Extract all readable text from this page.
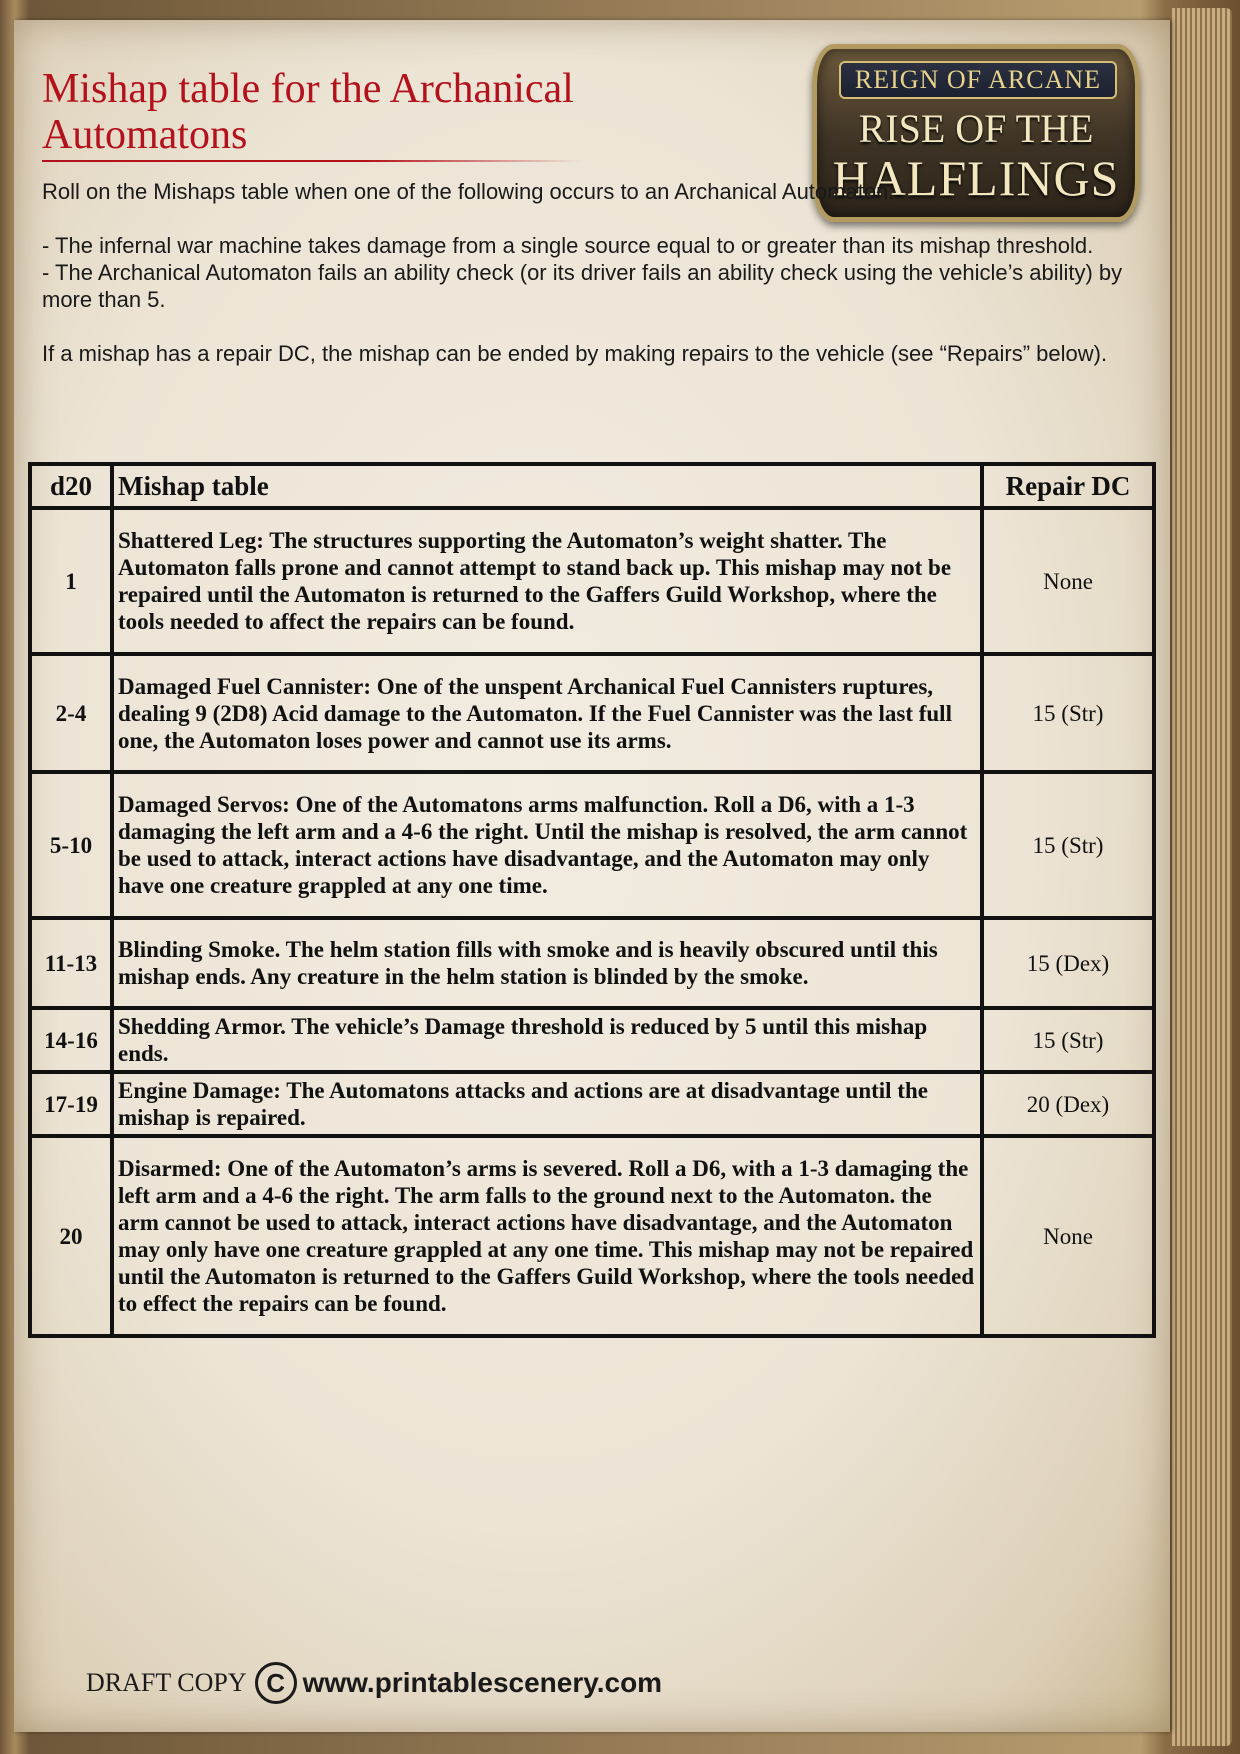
Mishap table for the Archanical Automatons
REIGN OF ARCANE
RISE OF THE
HALFLINGS

Roll on the Mishaps table when one of the following occurs to an Archanical Automaton:

- The infernal war machine takes damage from a single source equal to or greater than its mishap threshold.

- The Archanical Automaton fails an ability check (or its driver fails an ability check using the vehicle’s ability) by more than 5.

If a mishap has a repair DC, the mishap can be ended by making repairs to the vehicle (see “Repairs” below).

d20	Mishap table	Repair DC
1	Shattered Leg: The structures supporting the Automaton’s weight shatter. The Automaton falls prone and cannot attempt to stand back up. This mishap may not be repaired until the Automaton is returned to the Gaffers Guild Workshop, where the tools needed to affect the repairs can be found.	None
2-4	Damaged Fuel Cannister: One of the unspent Archanical Fuel Cannisters ruptures, dealing 9 (2D8) Acid damage to the Automaton. If the Fuel Cannister was the last full one, the Automaton loses power and cannot use its arms.	15 (Str)
5-10	Damaged Servos: One of the Automatons arms malfunction. Roll a D6, with a 1-3 damaging the left arm and a 4-6 the right. Until the mishap is resolved, the arm cannot be used to attack, interact actions have disadvantage, and the Automaton may only have one creature grappled at any one time.	15 (Str)
11-13	Blinding Smoke. The helm station fills with smoke and is heavily obscured until this mishap ends. Any creature in the helm station is blinded by the smoke.	15 (Dex)
14-16	Shedding Armor. The vehicle’s Damage threshold is reduced by 5 until this mishap ends.	15 (Str)
17-19	Engine Damage: The Automatons attacks and actions are at disadvantage until the mishap is repaired.	20 (Dex)
20	Disarmed: One of the Automaton’s arms is severed. Roll a D6, with a 1-3 damaging the left arm and a 4-6 the right. The arm falls to the ground next to the Automaton. the arm cannot be used to attack, interact actions have disadvantage, and the Automaton may only have one creature grappled at any one time. This mishap may not be repaired until the Automaton is returned to the Gaffers Guild Workshop, where the tools needed to effect the repairs can be found.	None
DRAFT COPY C www.printablescenery.com
